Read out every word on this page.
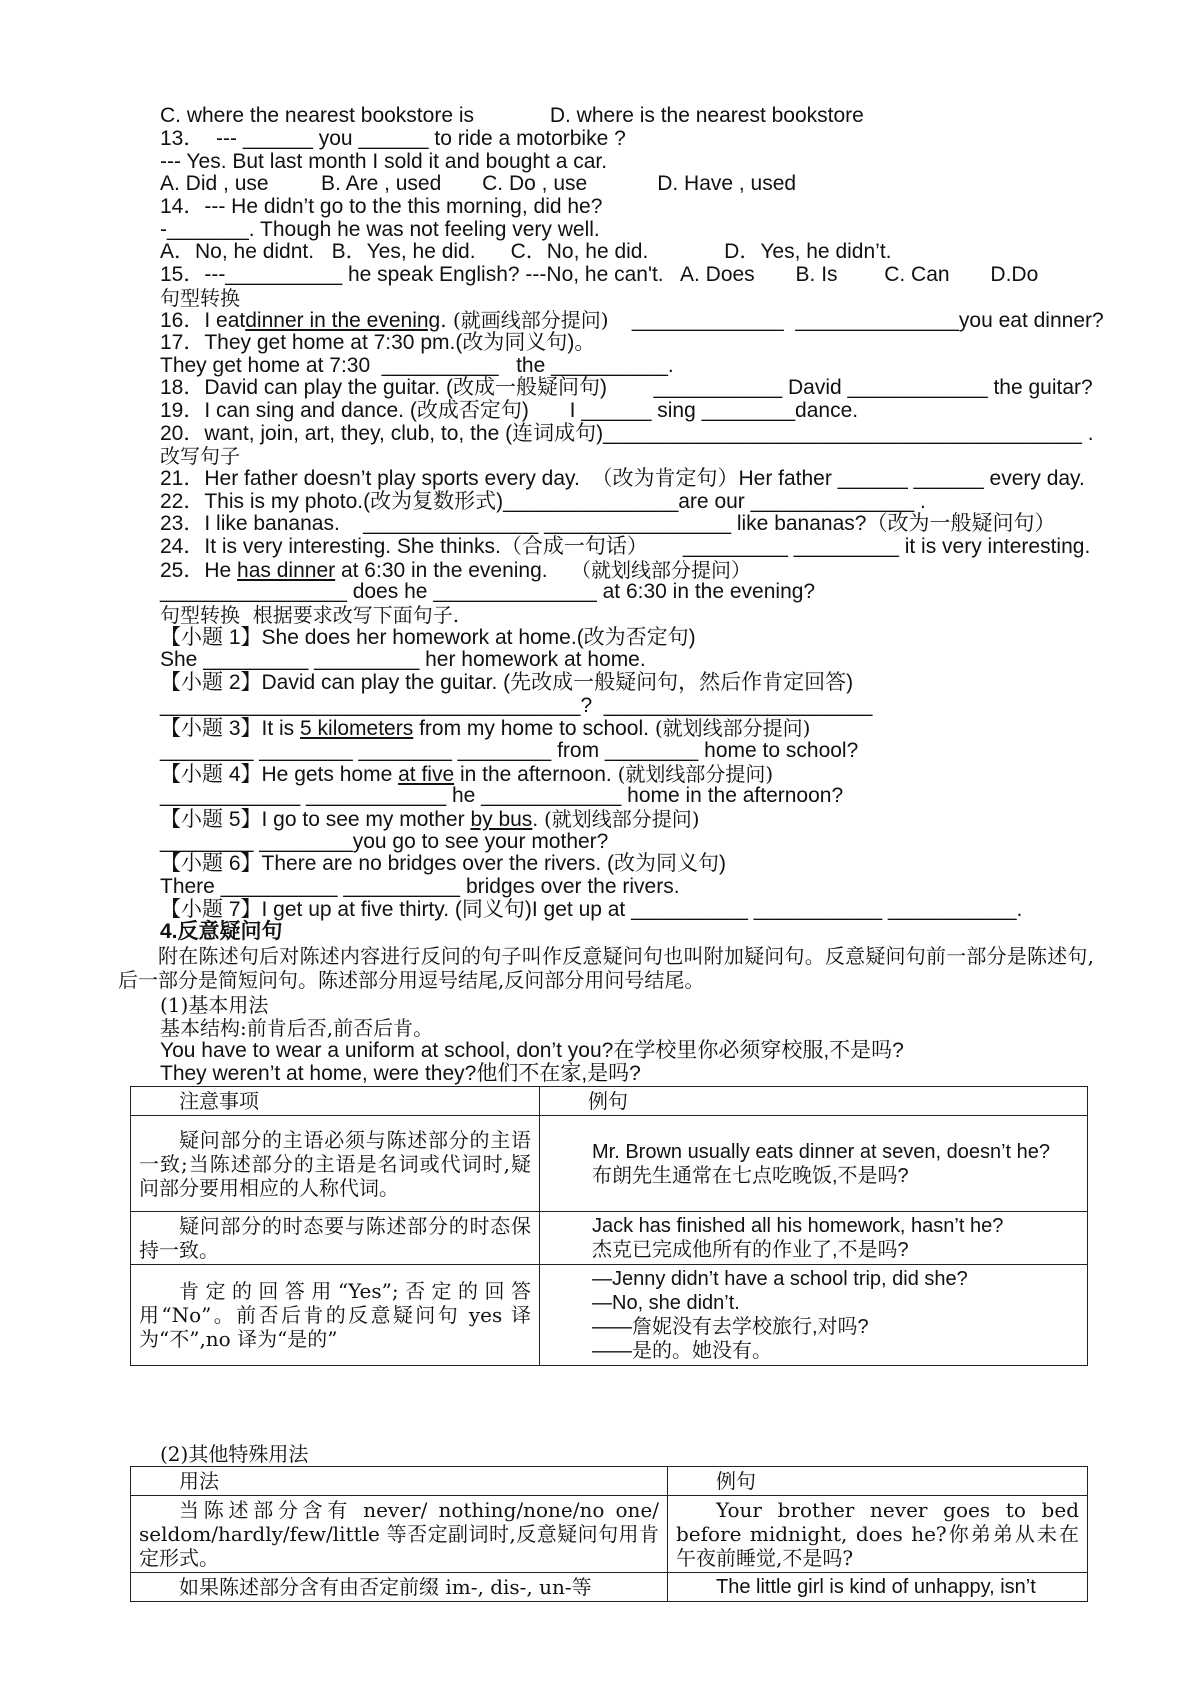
C. where the nearest bookstore is             D. where is the nearest bookstore
13．  --- ______ you ______ to ride a motorbike ?
--- Yes. But last month I sold it and bought a car.
A. Did , use         B. Are , used       C. Do , use            D. Have , used
14．--- He didn’t go to the this morning, did he?
-_______. Though he was not feeling very well.
A．No, he didnt.   B．Yes, he did.      C．No, he did.             D．Yes, he didn’t.
15．---__________ he speak English? ---No, he can't.   A. Does       B. Is        C. Can       D.Do
句型转换
16．I eatdinner in the evening. (就画线部分提问)    _____________  ______________you eat dinner?
17．They get home at 7:30 pm.(改为同义句)。
They get home at 7:30  __________   the __________.
18．David can play the guitar. (改成一般疑问句)        ___________ David ____________ the guitar?
19．I can sing and dance. (改成否定句)       I ______ sing ________dance.
20．want, join, art, they, club, to, the (连词成句)_________________________________________ .
改写句子
21．Her father doesn’t play sports every day.  （改为肯定句）Her father ______ ______ every day.
22．This is my photo.(改为复数形式)_______________are our ______________ .
23．I like bananas.    _______________ ________________ like bananas?（改为一般疑问句）
24．It is very interesting. She thinks.（合成一句话）      _________ _________ it is very interesting.
25．He has dinner at 6:30 in the evening.    （就划线部分提问）
________________ does he ______________ at 6:30 in the evening?
句型转换  根据要求改写下面句子.
【小题 1】She does her homework at home.(改为否定句)
She _________ _________ her homework at home.
【小题 2】David can play the guitar. (先改成一般疑问句，然后作肯定回答)
____________________________________?  _______________________
【小题 3】It is 5 kilometers from my home to school. (就划线部分提问)
________ ________ ________ ________ from ________ home to school?
【小题 4】He gets home at five in the afternoon. (就划线部分提问)
____________ ____________ he ____________ home in the afternoon?
【小题 5】I go to see my mother by bus. (就划线部分提问)
________ ________you go to see your mother?
【小题 6】There are no bridges over the rivers. (改为同义句)
There __________ __________ bridges over the rivers.
【小题 7】I get up at five thirty. (同义句)I get up at __________ ___________ ___________.
4.反意疑问句
附在陈述句后对陈述内容进行反问的句子叫作反意疑问句也叫附加疑问句。反意疑问句前一部分是陈述句,后一部分是简短问句。陈述部分用逗号结尾,反问部分用问号结尾。
(1)基本用法
基本结构:前肯后否,前否后肯。
You have to wear a uniform at school, don’t you?在学校里你必须穿校服,不是吗?
They weren’t at home, were they?他们不在家,是吗?
注意事项	例句
疑问部分的主语必须与陈述部分的主语一致;当陈述部分的主语是名词或代词时,疑问部分要用相应的人称代词。	Mr. Brown usually eats dinner at seven, doesn’t he?
布朗先生通常在七点吃晚饭,不是吗?
疑问部分的时态要与陈述部分的时态保持一致。	Jack has finished all his homework, hasn’t he?
杰克已完成他所有的作业了,不是吗?
肯定的回答用“Yes”;否定的回答用“No”。前否后肯的反意疑问句 yes 译为“不”,no 译为“是的”	—Jenny didn’t have a school trip, did she?
—No, she didn’t.
——詹妮没有去学校旅行,对吗?
——是的。她没有。
(2)其他特殊用法
用法	例句
当陈述部分含有 never/ nothing/none/no one/ seldom/hardly/few/little 等否定副词时,反意疑问句用肯定形式。	Your brother never goes to bed before midnight, does he?你弟弟从未在午夜前睡觉,不是吗?
如果陈述部分含有由否定前缀 im-, dis-, un-等	The little girl is kind of unhappy, isn’t
